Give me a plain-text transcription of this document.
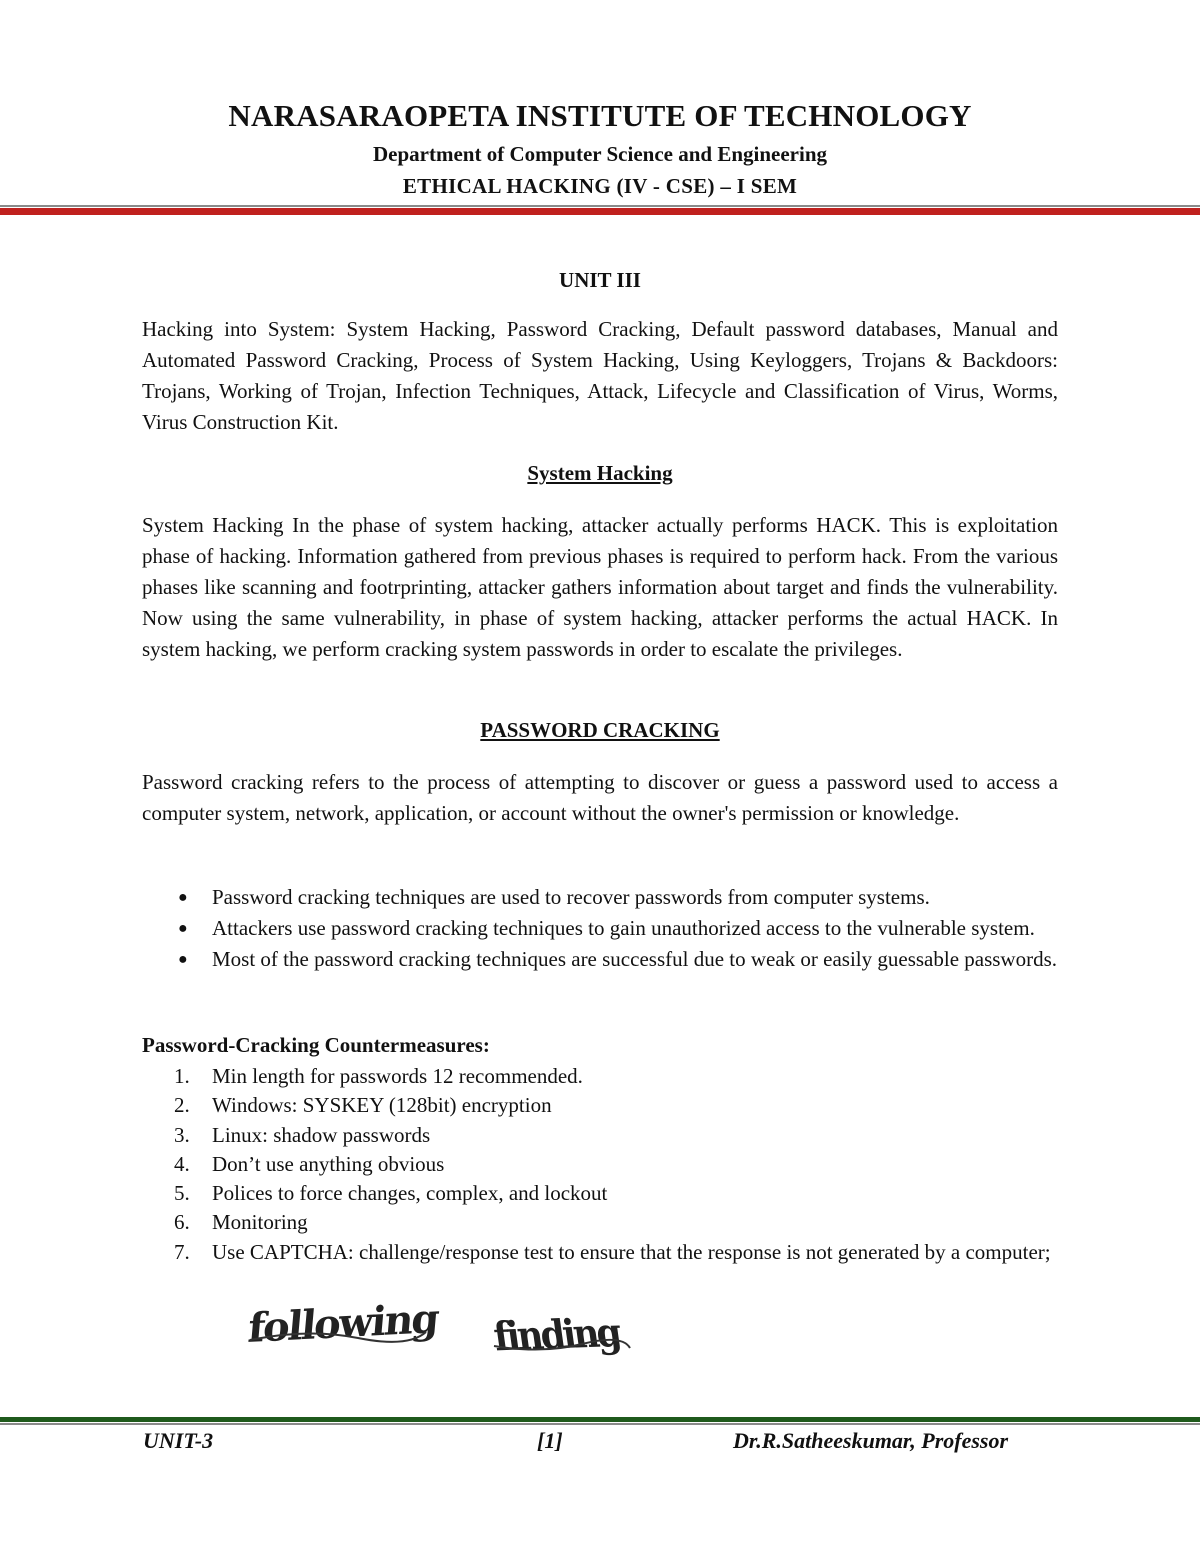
NARASARAOPETA INSTITUTE OF TECHNOLOGY
Department of Computer Science and Engineering
ETHICAL HACKING (IV - CSE) – I SEM
UNIT III

Hacking into System: System Hacking, Password Cracking, Default password databases, Manual and Automated Password Cracking, Process of System Hacking, Using Keyloggers, Trojans & Backdoors: Trojans, Working of Trojan, Infection Techniques, Attack, Lifecycle and Classification of Virus, Worms, Virus Construction Kit.

System Hacking

System Hacking In the phase of system hacking, attacker actually performs HACK. This is exploitation phase of hacking. Information gathered from previous phases is required to perform hack. From the various phases like scanning and footrprinting, attacker gathers information about target and finds the vulnerability. Now using the same vulnerability, in phase of system hacking, attacker performs the actual HACK. In system hacking, we perform cracking system passwords in order to escalate the privileges.

PASSWORD CRACKING

Password cracking refers to the process of attempting to discover or guess a password used to access a computer system, network, application, or account without the owner's permission or knowledge.

● Password cracking techniques are used to recover passwords from computer systems.
● Attackers use password cracking techniques to gain unauthorized access to the vulnerable system.
● Most of the password cracking techniques are successful due to weak or easily guessable passwords.
Password-Cracking Countermeasures:
1. Min length for passwords 12 recommended.
2. Windows: SYSKEY (128bit) encryption
3. Linux: shadow passwords
4. Don’t use anything obvious
5. Polices to force changes, complex, and lockout
6. Monitoring
7. Use CAPTCHA: challenge/response test to ensure that the response is not generated by a computer;
following finding
UNIT-3	[1]	Dr.R.Satheeskumar, Professor
